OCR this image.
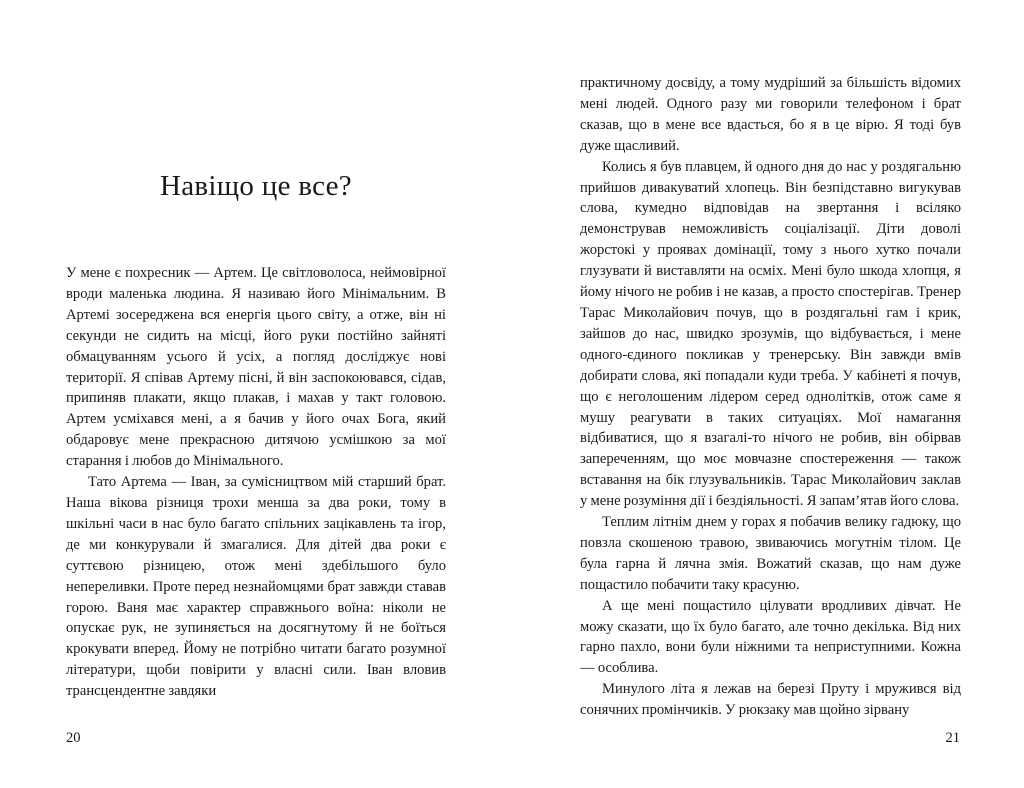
Навіщо це все?

У мене є похресник — Артем. Це світловолоса, неймовірної вроди маленька людина. Я називаю його Мінімальним. В Артемі зосереджена вся енергія цього світу, а отже, він ні секунди не сидить на місці, його руки постійно зайняті обмацуванням усього й усіх, а погляд досліджує нові території. Я співав Артему пісні, й він заспокоювався, сідав, припиняв плакати, якщо плакав, і махав у такт головою. Артем усміхався мені, а я бачив у його очах Бога, який обдаровує мене прекрасною дитячою усмішкою за мої старання і любов до Мінімального.

Тато Артема — Іван, за сумісництвом мій старший брат. Наша вікова різниця трохи менша за два роки, тому в шкільні часи в нас було багато спільних зацікавлень та ігор, де ми конкурували й змагалися. Для дітей два роки є суттєвою різницею, отож мені здебільшого було непереливки. Проте перед незнайомцями брат завжди ставав горою. Ваня має характер справжнього воїна: ніколи не опускає рук, не зупиняється на досягнутому й не боїться крокувати вперед. Йому не потрібно читати багато розумної літератури, щоби повірити у власні сили. Іван вловив трансцендентне завдяки

20

практичному досвіду, а тому мудріший за більшість відомих мені людей. Одного разу ми говорили телефоном і брат сказав, що в мене все вдасться, бо я в це вірю. Я тоді був дуже щасливий.

Колись я був плавцем, й одного дня до нас у роздягальню прийшов дивакуватий хлопець. Він безпідставно вигукував слова, кумедно відповідав на звертання і всіляко демонстрував неможливість соціалізації. Діти доволі жорстокі у проявах домінації, тому з нього хутко почали глузувати й виставляти на осміх. Мені було шкода хлопця, я йому нічого не робив і не казав, а просто спостерігав. Тренер Тарас Миколайович почув, що в роздягальні гам і крик, зайшов до нас, швидко зрозумів, що відбувається, і мене одного-єдиного покликав у тренерську. Він завжди вмів добирати слова, які попадали куди треба. У кабінеті я почув, що є неголошеним лідером серед однолітків, отож саме я мушу реагувати в таких ситуаціях. Мої намагання відбиватися, що я взагалі-то нічого не робив, він обірвав запереченням, що моє мовчазне спостереження — також вставання на бік глузувальників. Тарас Миколайович заклав у мене розуміння дії і бездіяльності. Я запам’ятав його слова.

Теплим літнім днем у горах я побачив велику гадюку, що повзла скошеною травою, звиваючись могутнім тілом. Це була гарна й лячна змія. Вожатий сказав, що нам дуже пощастило побачити таку красуню.

А ще мені пощастило цілувати вродливих дівчат. Не можу сказати, що їх було багато, але точно декілька. Від них гарно пахло, вони були ніжними та неприступними. Кожна — особлива.

Минулого літа я лежав на березі Пруту і мружився від сонячних промінчиків. У рюкзаку мав щойно зірвану

21
